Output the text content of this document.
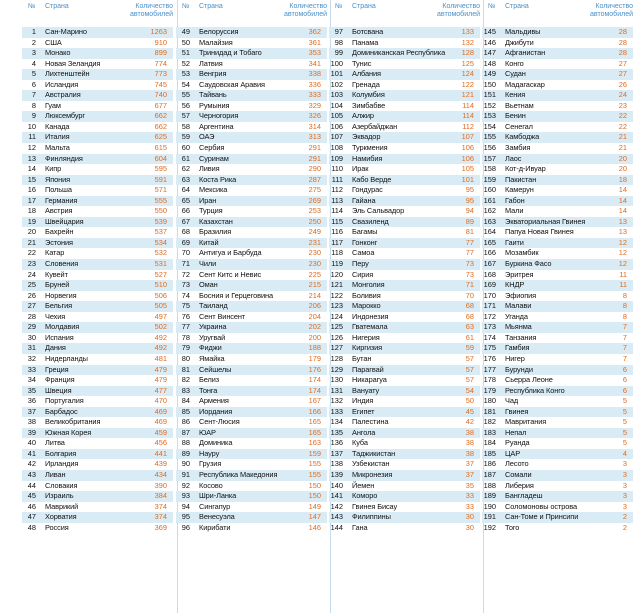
№ Страна	Количество автомобилей
1 Сан-Марино	1263
2 США	910
3 Монако	899
4 Новая Зеландия	774
5 Лихтенштейн	773
6 Исландия	745
7 Австралия	740
8 Гуам	677
9 Люксембург	662
10 Канада	662
11 Италия	625
12 Мальта	615
13 Финляндия	604
14 Кипр	595
15 Япония	591
16 Польша	571
17 Германия	555
18 Австрия	550
19 Швейцария	539
20 Бахрейн	537
21 Эстония	534
22 Катар	532
23 Словения	531
24 Кувейт	527
25 Бруней	510
26 Норвегия	506
27 Бельгия	505
28 Чехия	497
29 Молдавия	502
30 Испания	492
31 Дания	492
32 Нидерланды	481
33 Греция	479
34 Франция	479
35 Швеция	477
36 Португалия	470
37 Барбадос	469
38 Великобритания	469
39 Южная Корея	459
40 Литва	456
41 Болгария	441
42 Ирландия	439
43 Ливан	434
44 Словакия	390
45 Израиль	384
46 Маврикий	374
47 Хорватия	374
48 Россия	369
№ Страна	Количество автомобилей
49 Белоруссия	362
50 Малайзия	361
51 Тринидад и Тобаго	353
52 Латвия	341
53 Венгрия	338
54 Саудовская Аравия	336
55 Тайвань	333
56 Румыния	329
57 Черногория	326
58 Аргентина	314
59 ОАЭ	313
60 Сербия	291
61 Суринам	291
62 Ливия	290
63 Коста Рика	287
64 Мексика	275
65 Иран	269
66 Турция	253
67 Казахстан	250
68 Бразилия	249
69 Китай	231
70 Антигуа и Барбуда	230
71 Чили	230
72 Сент Китс и Невис	225
73 Оман	215
74 Босния и Герцеговина	214
75 Таиланд	206
76 Сент Винсент	204
77 Украина	202
78 Уругвай	200
79 Фиджи	188
80 Ямайка	179
81 Сейшелы	176
82 Белиз	174
83 Тонга	174
84 Армения	167
85 Иордания	166
86 Сент-Люсия	165
87 ЮАР	165
88 Доминика	163
89 Науру	159
90 Грузия	155
91 Республика Македония	155
92 Косово	150
93 Шри-Ланка	150
94 Сингапур	149
95 Венесуэла	147
96 Кирибати	146
№ Страна	Количество автомобилей
97 Ботсвана	133
98 Панама	132
99 Доминиканская Республика 128
100 Тунис	125
101 Албания	124
102 Гренада	122
103 Колумбия	121
104 Зимбабве	114
105 Алжир	114
106 Азербайджан	112
107 Эквадор	107
108 Туркмения	106
109 Намибия	106
110 Ирак	105
111 Кабо Верде	101
112 Гондурас	95
113 Гайана	95
114 Эль Сальвадор	94
115 Свазиленд	89
116 Багамы	81
117 Гонконг	77
118 Самоа	77
119 Перу	73
120 Сирия	73
121 Монголия	71
122 Боливия	70
123 Марокко	68
124 Индонезия	68
125 Гватемала	63
126 Нигерия	61
127 Киргизия	59
128 Бутан	57
129 Парагвай	57
130 Никарагуа	57
131 Вануату	54
132 Индия	50
133 Египет	45
134 Палестина	42
135 Ангола	38
136 Куба	38
137 Таджикистан	38
138 Узбекистан	37
139 Микронезия	37
140 Йемен	35
141 Коморо	33
142 Гвинея Бисау	33
143 Филиппины	30
144 Гана	30
№ Страна	Количество автомобилей
145 Мальдивы	28
146 Джибути	28
147 Афганистан	28
148 Конго	27
149 Судан	27
150 Мадагаскар	26
151 Кения	24
152 Вьетнам	23
153 Бенин	22
154 Сенегал	22
155 Камбоджа	21
156 Замбия	21
157 Лаос	20
158 Кот-д-Ивуар	20
159 Пакистан	18
160 Камерун	14
161 Габон	14
162 Мали	14
163 Экваториальная Гвинея	13
164 Папуа Новая Гвинея	13
165 Гаити	12
166 Мозамбик	12
167 Буркина Фасо	12
168 Эритрея	11
169 КНДР	11
170 Эфиопия	8
171 Малави	8
172 Уганда	8
173 Мьянма	7
174 Танзания	7
175 Гамбия	7
176 Нигер	7
177 Бурунди	6
178 Сьерра Леоне	6
179 Республика Конго	6
180 Чад	5
181 Гвинея	5
182 Мавритания	5
183 Непал	5
184 Руанда	5
185 ЦАР	4
186 Лесото	3
187 Сомали	3
188 Либерия	3
189 Бангладеш	3
190 Соломоновы острова	3
191 Сан-Томе и Принсипи	2
192 Того	2
